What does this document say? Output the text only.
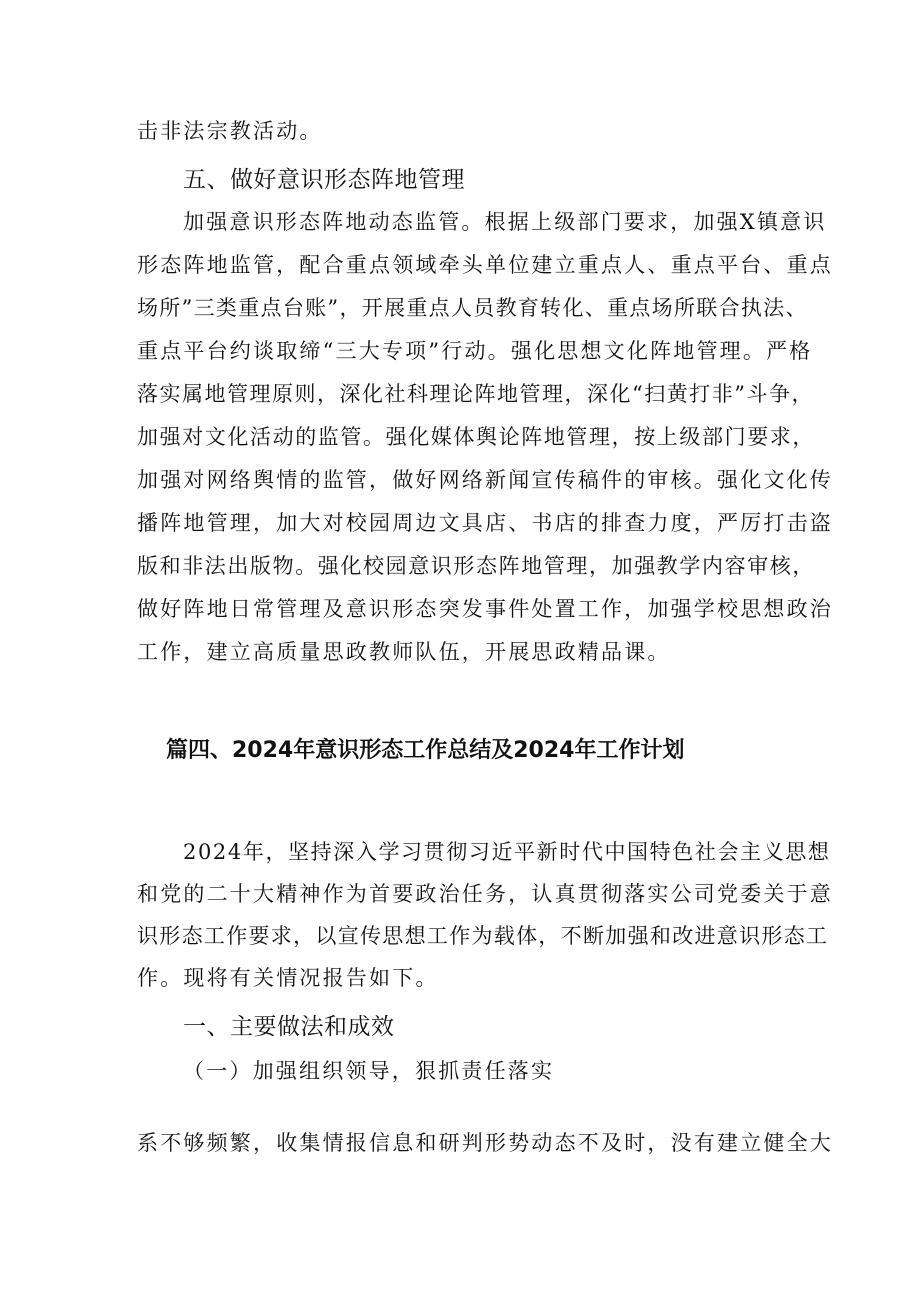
击非法宗教活动。
五、做好意识形态阵地管理
加强意识形态阵地动态监管。根据上级部门要求，加强X镇意识
形态阵地监管，配合重点领域牵头单位建立重点人、重点平台、重点
场所”三类重点台账”，开展重点人员教育转化、重点场所联合执法、
重点平台约谈取缔“三大专项”行动。强化思想文化阵地管理。严格
落实属地管理原则，深化社科理论阵地管理，深化“扫黄打非”斗争，
加强对文化活动的监管。强化媒体舆论阵地管理，按上级部门要求，
加强对网络舆情的监管，做好网络新闻宣传稿件的审核。强化文化传
播阵地管理，加大对校园周边文具店、书店的排查力度，严厉打击盗
版和非法出版物。强化校园意识形态阵地管理，加强教学内容审核，
做好阵地日常管理及意识形态突发事件处置工作，加强学校思想政治
工作，建立高质量思政教师队伍，开展思政精品课。
篇四、2024年意识形态工作总结及2024年工作计划
2024年，坚持深入学习贯彻习近平新时代中国特色社会主义思想
和党的二十大精神作为首要政治任务，认真贯彻落实公司党委关于意
识形态工作要求，以宣传思想工作为载体，不断加强和改进意识形态工
作。现将有关情况报告如下。
一、主要做法和成效
（一）加强组织领导，狠抓责任落实
系不够频繁，收集情报信息和研判形势动态不及时，没有建立健全大
